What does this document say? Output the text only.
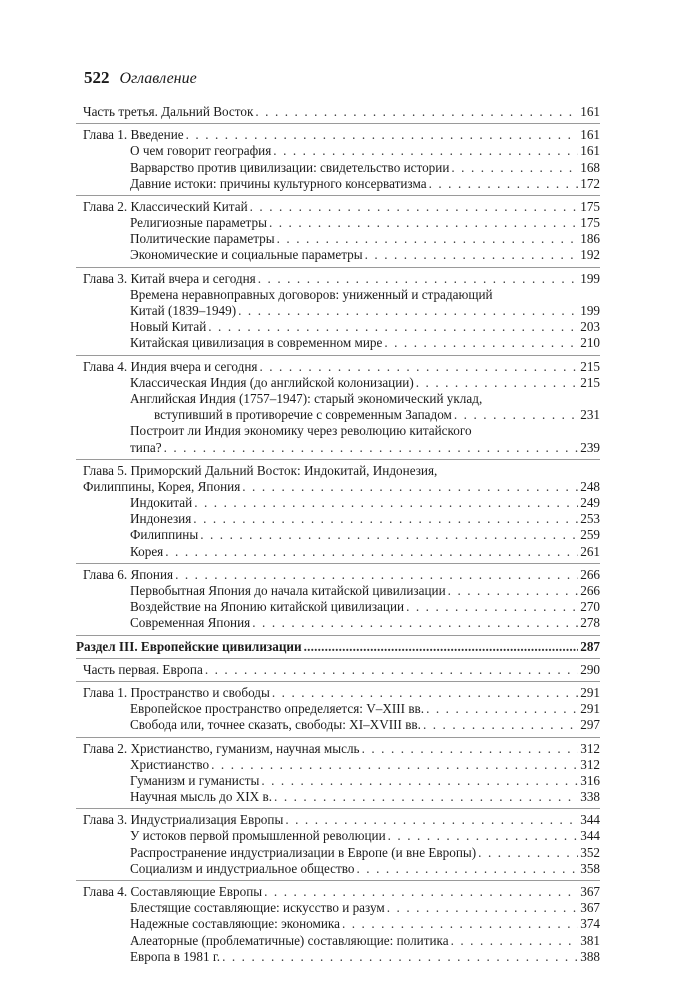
522 Оглавление
Часть третья. Дальний Восток . . .	161
Глава 1. Введение . . .	161
О чем говорит география . . .	161
Варварство против цивилизации: свидетельство истории . . .	168
Давние истоки: причины культурного консерватизма . . .	172
Глава 2. Классический Китай . . .	175
Религиозные параметры . . .	175
Политические параметры . . .	186
Экономические и социальные параметры . . .	192
Глава 3. Китай вчера и сегодня . . .	199
Времена неравноправных договоров: униженный и страдающий
Китай (1839–1949) . . .	199
Новый Китай . . .	203
Китайская цивилизация в современном мире . . .	210
Глава 4. Индия вчера и сегодня . . .	215
Классическая Индия (до английской колонизации) . . .	215
Английская Индия (1757–1947): старый экономический уклад,
вступивший в противоречие с современным Западом . . .	231
Построит ли Индия экономику через революцию китайского
типа? . . .	239
Глава 5. Приморский Дальний Восток: Индокитай, Индонезия,
Филиппины, Корея, Япония . . .	248
Индокитай . . .	249
Индонезия . . .	253
Филиппины . . .	259
Корея . . .	261
Глава 6. Япония . . .	266
Первобытная Япония до начала китайской цивилизации . . .	266
Воздействие на Японию китайской цивилизации . . .	270
Современная Япония . . .	278
Раздел III. Европейские цивилизации .....	287
Часть первая. Европа . . .	290
Глава 1. Пространство и свободы . . .	291
Европейское пространство определяется: V–XIII вв. . . .	291
Свобода или, точнее сказать, свободы: XI–XVIII вв. . . .	297
Глава 2. Христианство, гуманизм, научная мысль . . .	312
Христианство . . .	312
Гуманизм и гуманисты . . .	316
Научная мысль до XIX в. . . .	338
Глава 3. Индустриализация Европы . . .	344
У истоков первой промышленной революции . . .	344
Распространение индустриализации в Европе (и вне Европы) . . .	352
Социализм и индустриальное общество . . .	358
Глава 4. Составляющие Европы . . .	367
Блестящие составляющие: искусство и разум . . .	367
Надежные составляющие: экономика . . .	374
Алеаторные (проблематичные) составляющие: политика . . .	381
Европа в 1981 г. . . .	388
